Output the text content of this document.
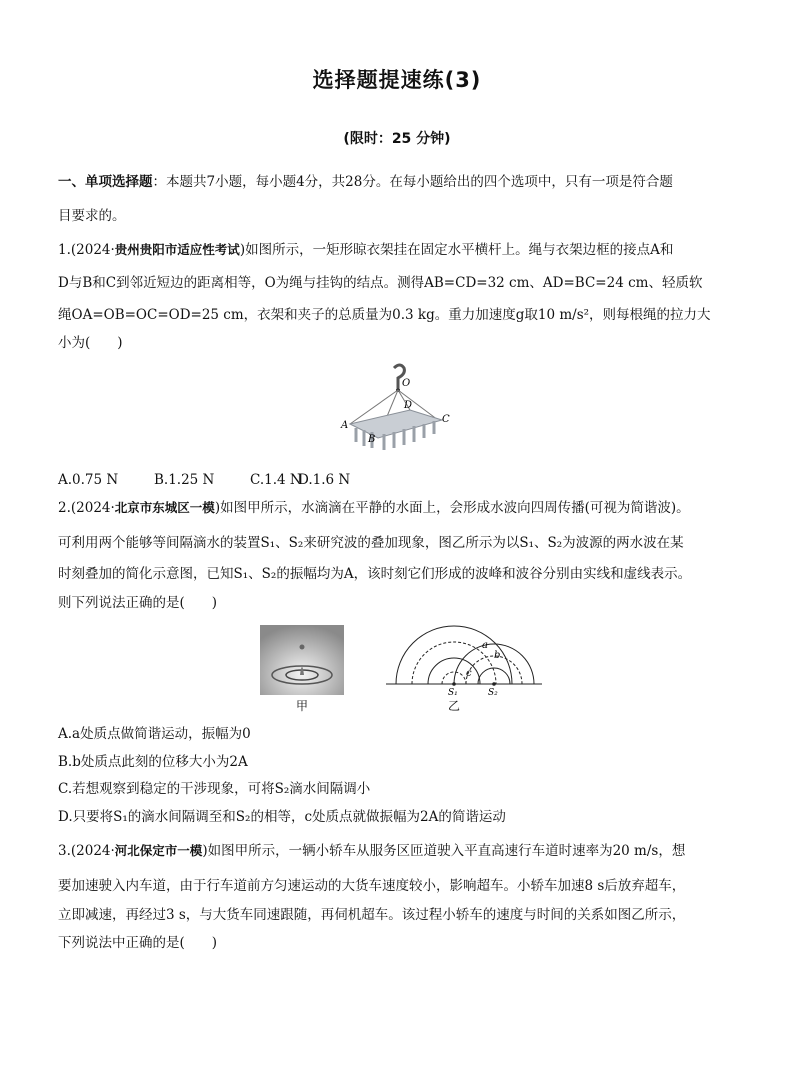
选择题提速练(3)
(限时：25 分钟)
一、单项选择题：本题共7小题，每小题4分，共28分。在每小题给出的四个选项中，只有一项是符合题
目要求的。
1.(2024·贵州贵阳市适应性考试)如图所示，一矩形晾衣架挂在固定水平横杆上。绳与衣架边框的接点A和
D与B和C到邻近短边的距离相等，O为绳与挂钩的结点。测得AB=CD=32 cm、AD=BC=24 cm、轻质软
绳OA=OB=OC=OD=25 cm，衣架和夹子的总质量为0.3 kg。重力加速度g取10 m/s²，则每根绳的拉力大
小为(　　)
O
A
B
C
D
A.0.75 N	B.1.25 N	C.1.4 N
D.1.6 N
2.(2024·北京市东城区一模)如图甲所示，水滴滴在平静的水面上，会形成水波向四周传播(可视为简谐波)。
可利用两个能够等间隔滴水的装置S₁、S₂来研究波的叠加现象，图乙所示为以S₁、S₂为波源的两水波在某
时刻叠加的简化示意图，已知S₁、S₂的振幅均为A，该时刻它们形成的波峰和波谷分别由实线和虚线表示。
则下列说法正确的是(　　)
甲
a
b
c
S₁	S₂
乙
A.a处质点做简谐运动，振幅为0
B.b处质点此刻的位移大小为2A
C.若想观察到稳定的干涉现象，可将S₂滴水间隔调小
D.只要将S₁的滴水间隔调至和S₂的相等，c处质点就做振幅为2A的简谐运动
3.(2024·河北保定市一模)如图甲所示，一辆小轿车从服务区匝道驶入平直高速行车道时速率为20 m/s，想
要加速驶入内车道，由于行车道前方匀速运动的大货车速度较小，影响超车。小轿车加速8 s后放弃超车，
立即减速，再经过3 s，与大货车同速跟随，再伺机超车。该过程小轿车的速度与时间的关系如图乙所示，
下列说法中正确的是(　　)
